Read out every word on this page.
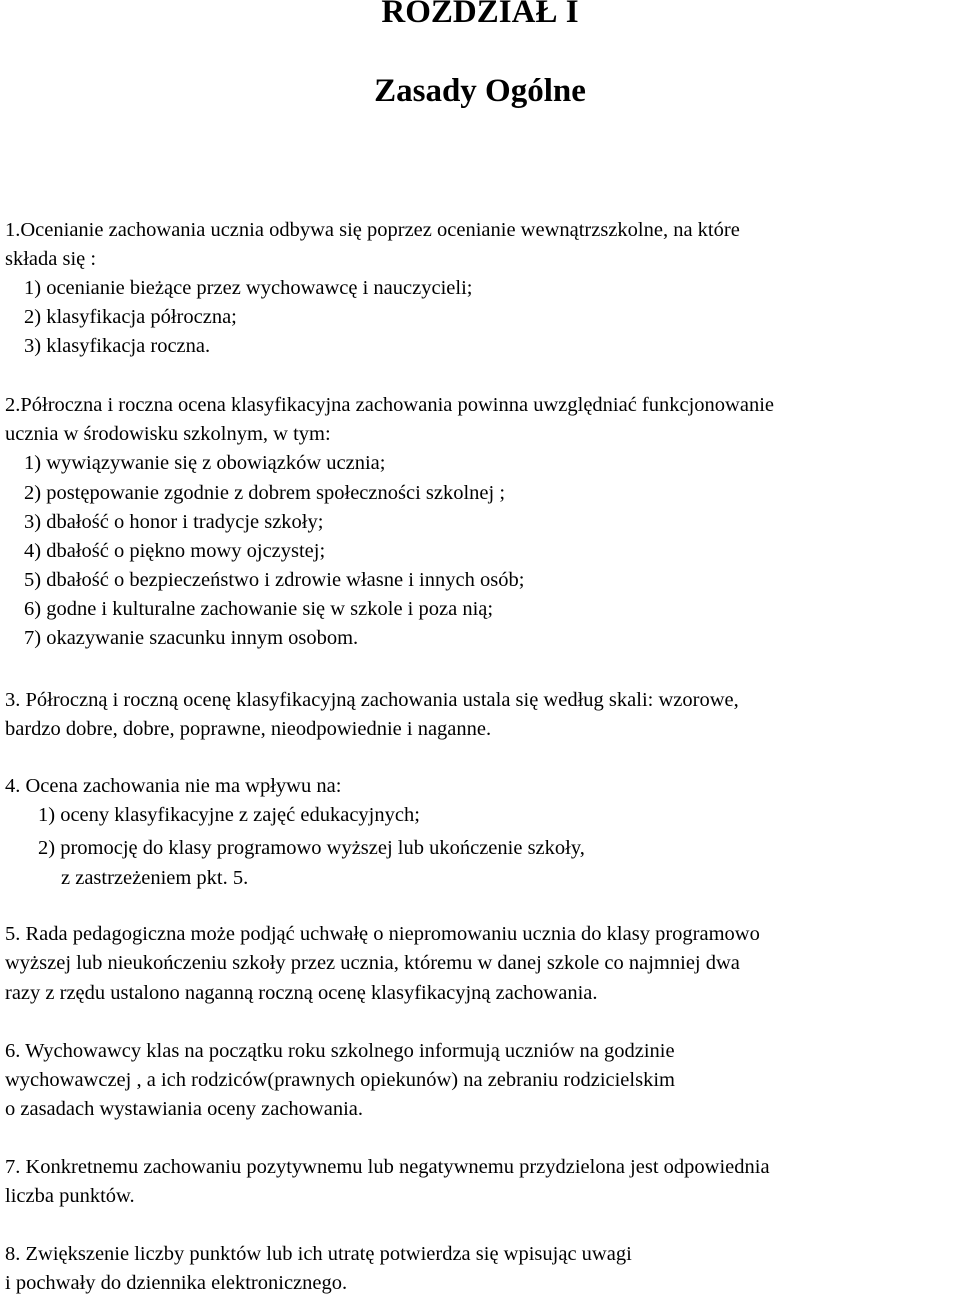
ROZDZIAŁ I
Zasady Ogólne

1.Ocenianie zachowania ucznia odbywa się poprzez ocenianie wewnątrzszkolne, na które

składa się :

1) ocenianie bieżące przez wychowawcę i nauczycieli;

2) klasyfikacja półroczna;

3) klasyfikacja roczna.

2.Półroczna i roczna ocena klasyfikacyjna zachowania powinna uwzględniać funkcjonowanie

ucznia w środowisku szkolnym, w tym:

1) wywiązywanie się z obowiązków ucznia;

2) postępowanie zgodnie z dobrem społeczności szkolnej ;

3) dbałość o honor i tradycje szkoły;

4) dbałość o piękno mowy ojczystej;

5) dbałość o bezpieczeństwo i zdrowie własne i innych osób;

6) godne i kulturalne zachowanie się w szkole i poza nią;

7) okazywanie szacunku innym osobom.

3. Półroczną i roczną ocenę klasyfikacyjną zachowania ustala się według skali: wzorowe,

bardzo dobre, dobre, poprawne, nieodpowiednie i naganne.

4. Ocena zachowania nie ma wpływu na:

1) oceny klasyfikacyjne z zajęć edukacyjnych;

2) promocję do klasy programowo wyższej lub ukończenie szkoły,

z zastrzeżeniem pkt. 5.

5. Rada pedagogiczna może podjąć uchwałę o niepromowaniu ucznia do klasy programowo

wyższej lub nieukończeniu szkoły przez ucznia, któremu w danej szkole co najmniej dwa

razy z rzędu ustalono naganną roczną ocenę klasyfikacyjną zachowania.

6. Wychowawcy klas na początku roku szkolnego informują uczniów na godzinie

wychowawczej , a ich rodziców(prawnych opiekunów) na zebraniu rodzicielskim

o zasadach wystawiania oceny zachowania.

7. Konkretnemu zachowaniu pozytywnemu lub negatywnemu przydzielona jest odpowiednia

liczba punktów.

8. Zwiększenie liczby punktów lub ich utratę potwierdza się wpisując uwagi

i pochwały do dziennika elektronicznego.
